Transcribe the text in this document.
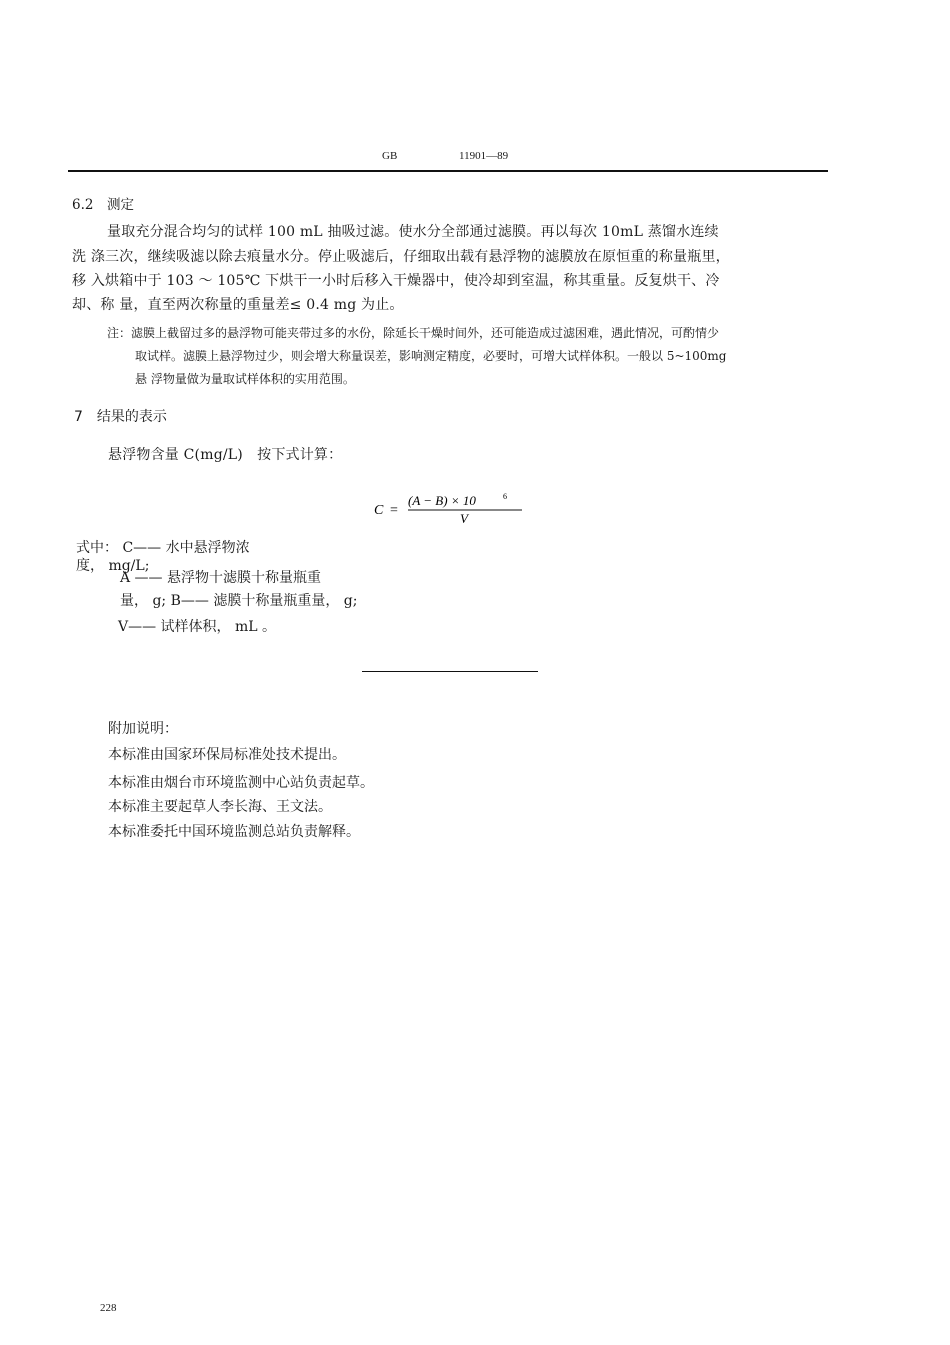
GB	11901—89
6.2　测定
量取充分混合均匀的试样 100 mL 抽吸过滤。使水分全部通过滤膜。再以每次 10mL 蒸馏水连续
洗 涤三次，继续吸滤以除去痕量水分。停止吸滤后，仔细取出载有悬浮物的滤膜放在原恒重的称量瓶里，
移 入烘箱中于 103 ～ 105℃ 下烘干一小时后移入干燥器中，使冷却到室温，称其重量。反复烘干、冷
却、称 量，直至两次称量的重量差≤ 0.4 mg 为止。
注：滤膜上截留过多的悬浮物可能夹带过多的水份，除延长干燥时间外，还可能造成过滤困难，遇此情况，可酌情少
取试样。滤膜上悬浮物过少，则会增大称量误差，影响测定精度，必要时，可增大试样体积。一般以 5~100mg
悬 浮物量做为量取试样体积的实用范围。
7　结果的表示
悬浮物含量 C(mg/L)　按下式计算：
C =
(A − B) × 10	6
V
式中： C—— 水中悬浮物浓
度， mg/L;
A —— 悬浮物十滤膜十称量瓶重
量， g; B—— 滤膜十称量瓶重量， g;
V—— 试样体积， mL 。
附加说明：
本标准由国家环保局标准处技术提出。
本标准由烟台市环境监测中心站负责起草。
本标准主要起草人李长海、王文法。
本标准委托中国环境监测总站负责解释。
228
